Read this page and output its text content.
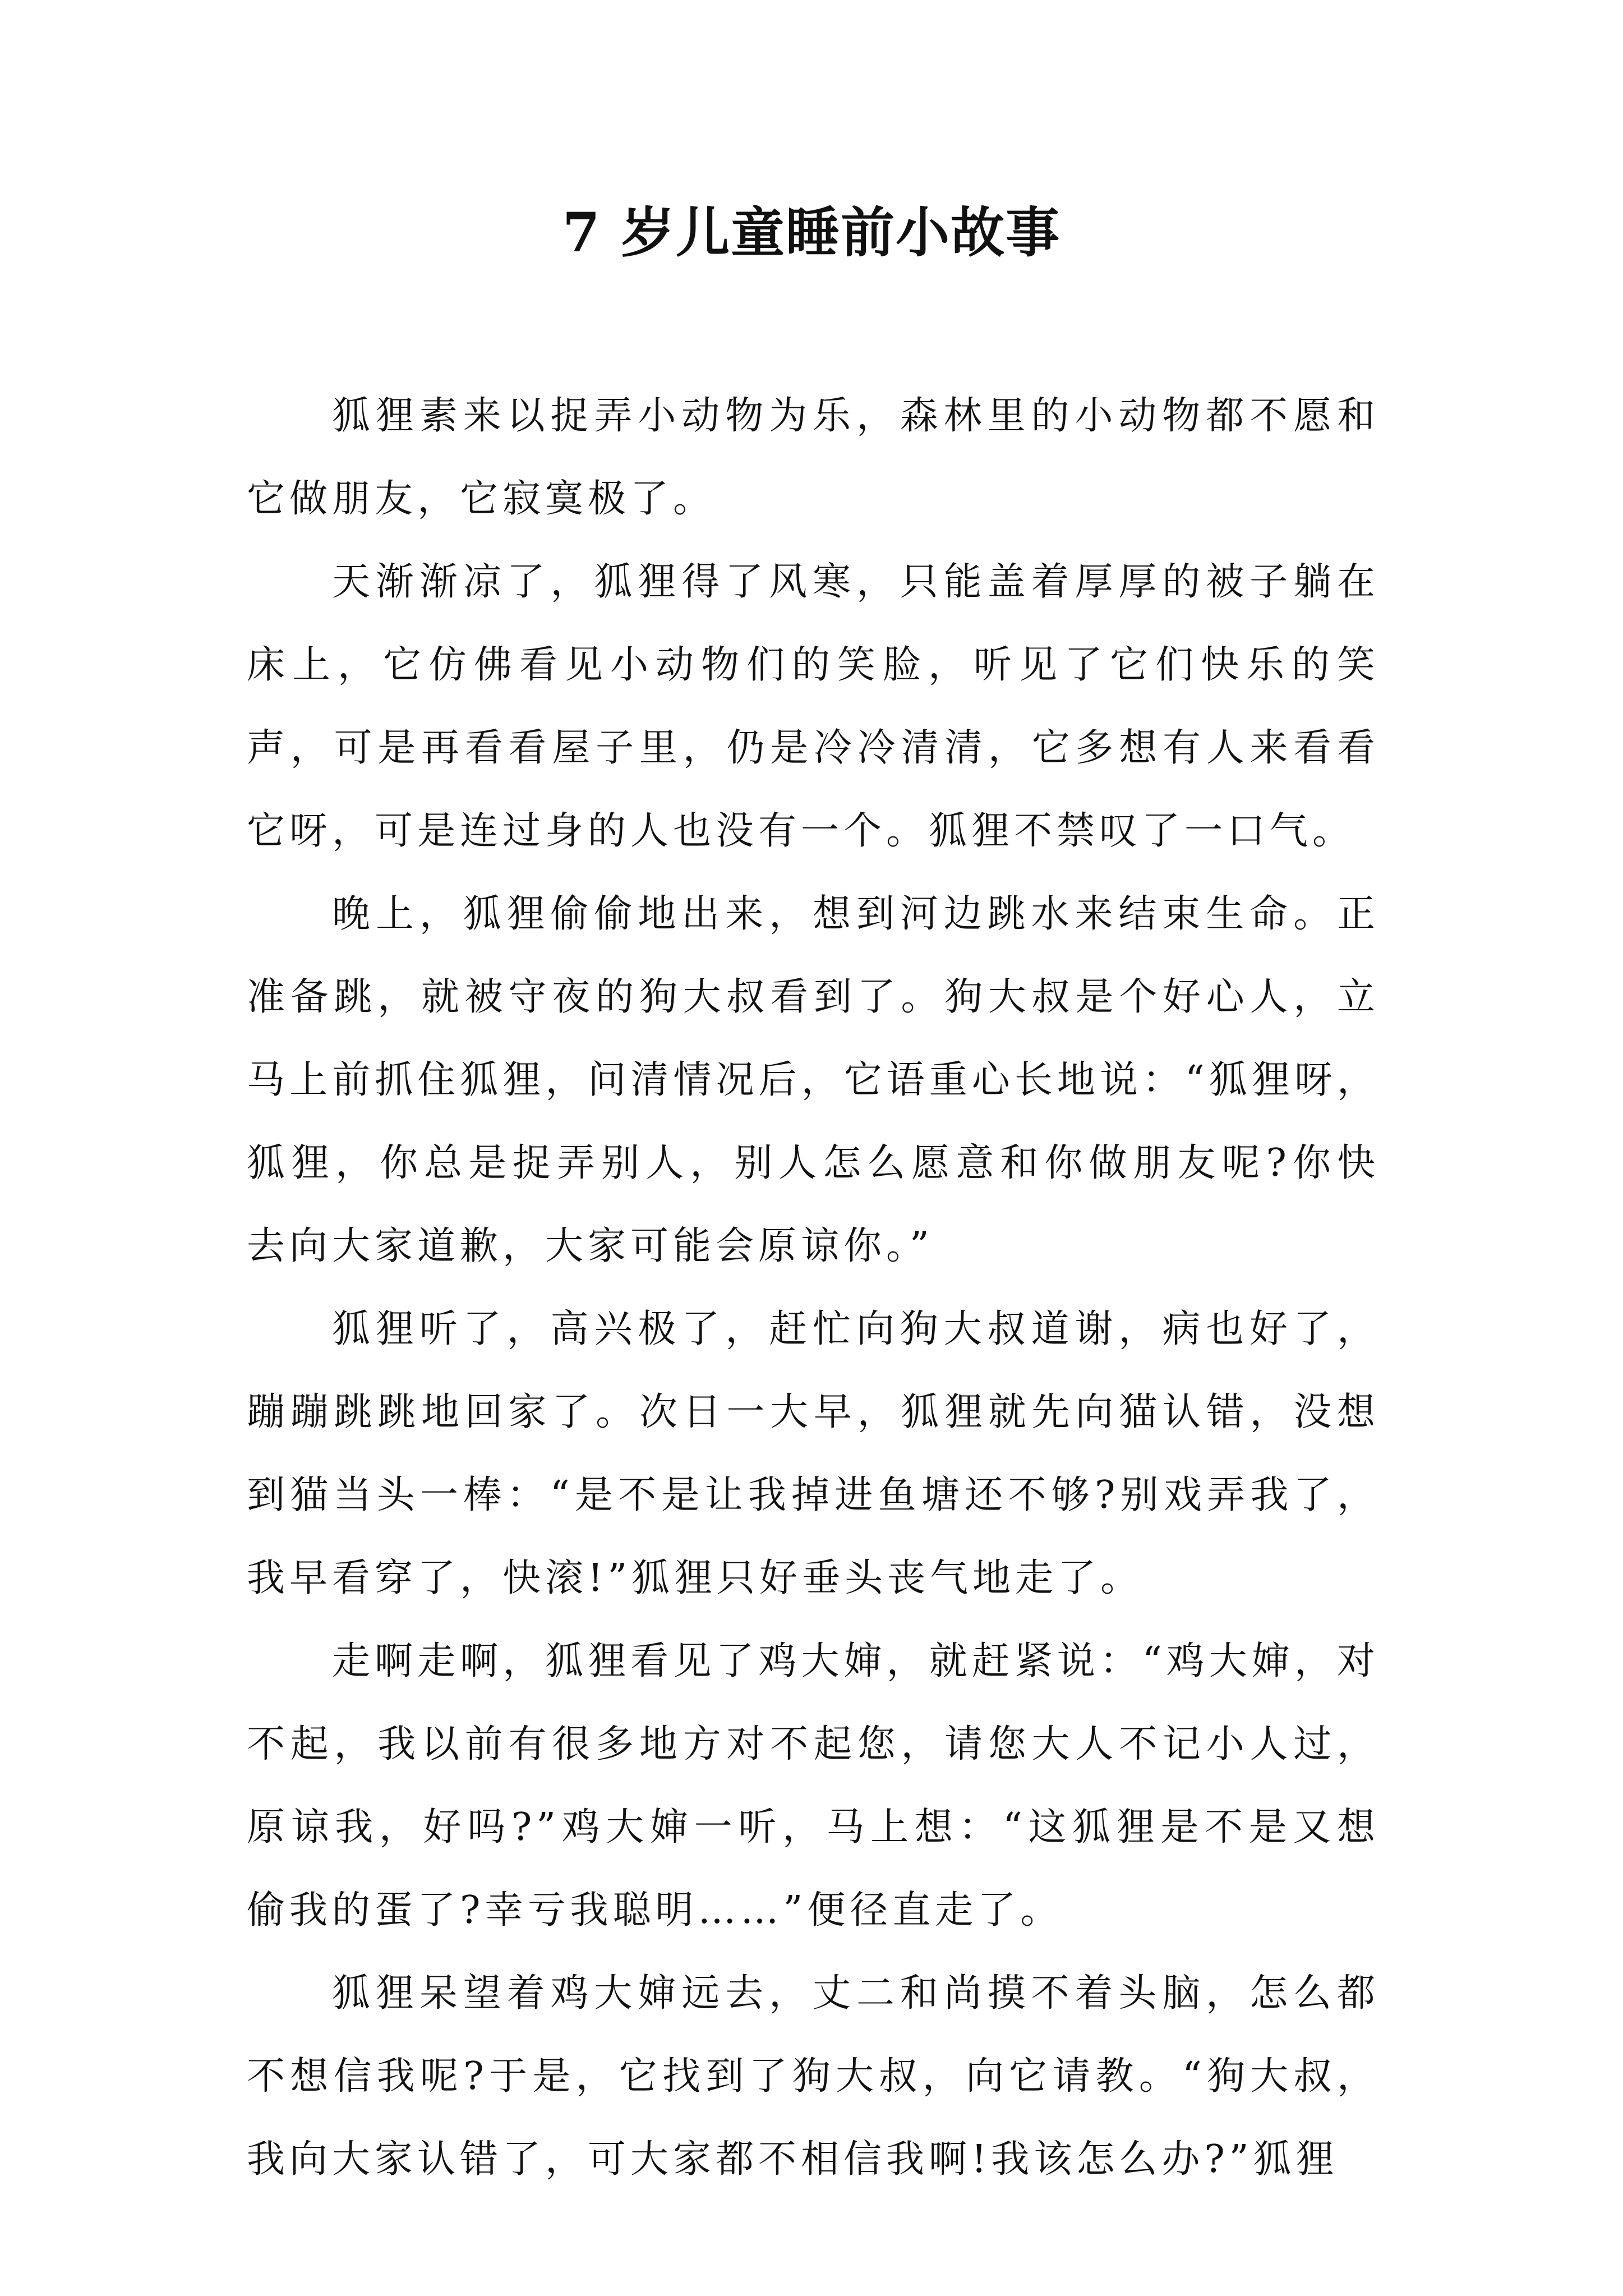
7 岁儿童睡前小故事

狐狸素来以捉弄小动物为乐，森林里的小动物都不愿和它做朋友，它寂寞极了。

天渐渐凉了，狐狸得了风寒，只能盖着厚厚的被子躺在床上，它仿佛看见小动物们的笑脸，听见了它们快乐的笑声，可是再看看屋子里，仍是冷冷清清，它多想有人来看看它呀，可是连过身的人也没有一个。狐狸不禁叹了一口气。

晚上，狐狸偷偷地出来，想到河边跳水来结束生命。正准备跳，就被守夜的狗大叔看到了。狗大叔是个好心人，立马上前抓住狐狸，问清情况后，它语重心长地说：“狐狸呀，狐狸，你总是捉弄别人，别人怎么愿意和你做朋友呢?你快去向大家道歉，大家可能会原谅你。”

狐狸听了，高兴极了，赶忙向狗大叔道谢，病也好了，蹦蹦跳跳地回家了。次日一大早，狐狸就先向猫认错，没想到猫当头一棒：“是不是让我掉进鱼塘还不够?别戏弄我了，我早看穿了，快滚!”狐狸只好垂头丧气地走了。

走啊走啊，狐狸看见了鸡大婶，就赶紧说：“鸡大婶，对不起，我以前有很多地方对不起您，请您大人不记小人过，原谅我，好吗?”鸡大婶一听，马上想：“这狐狸是不是又想偷我的蛋了?幸亏我聪明……”便径直走了。

狐狸呆望着鸡大婶远去，丈二和尚摸不着头脑，怎么都不想信我呢?于是，它找到了狗大叔，向它请教。“狗大叔，我向大家认错了，可大家都不相信我啊!我该怎么办?”狐狸
